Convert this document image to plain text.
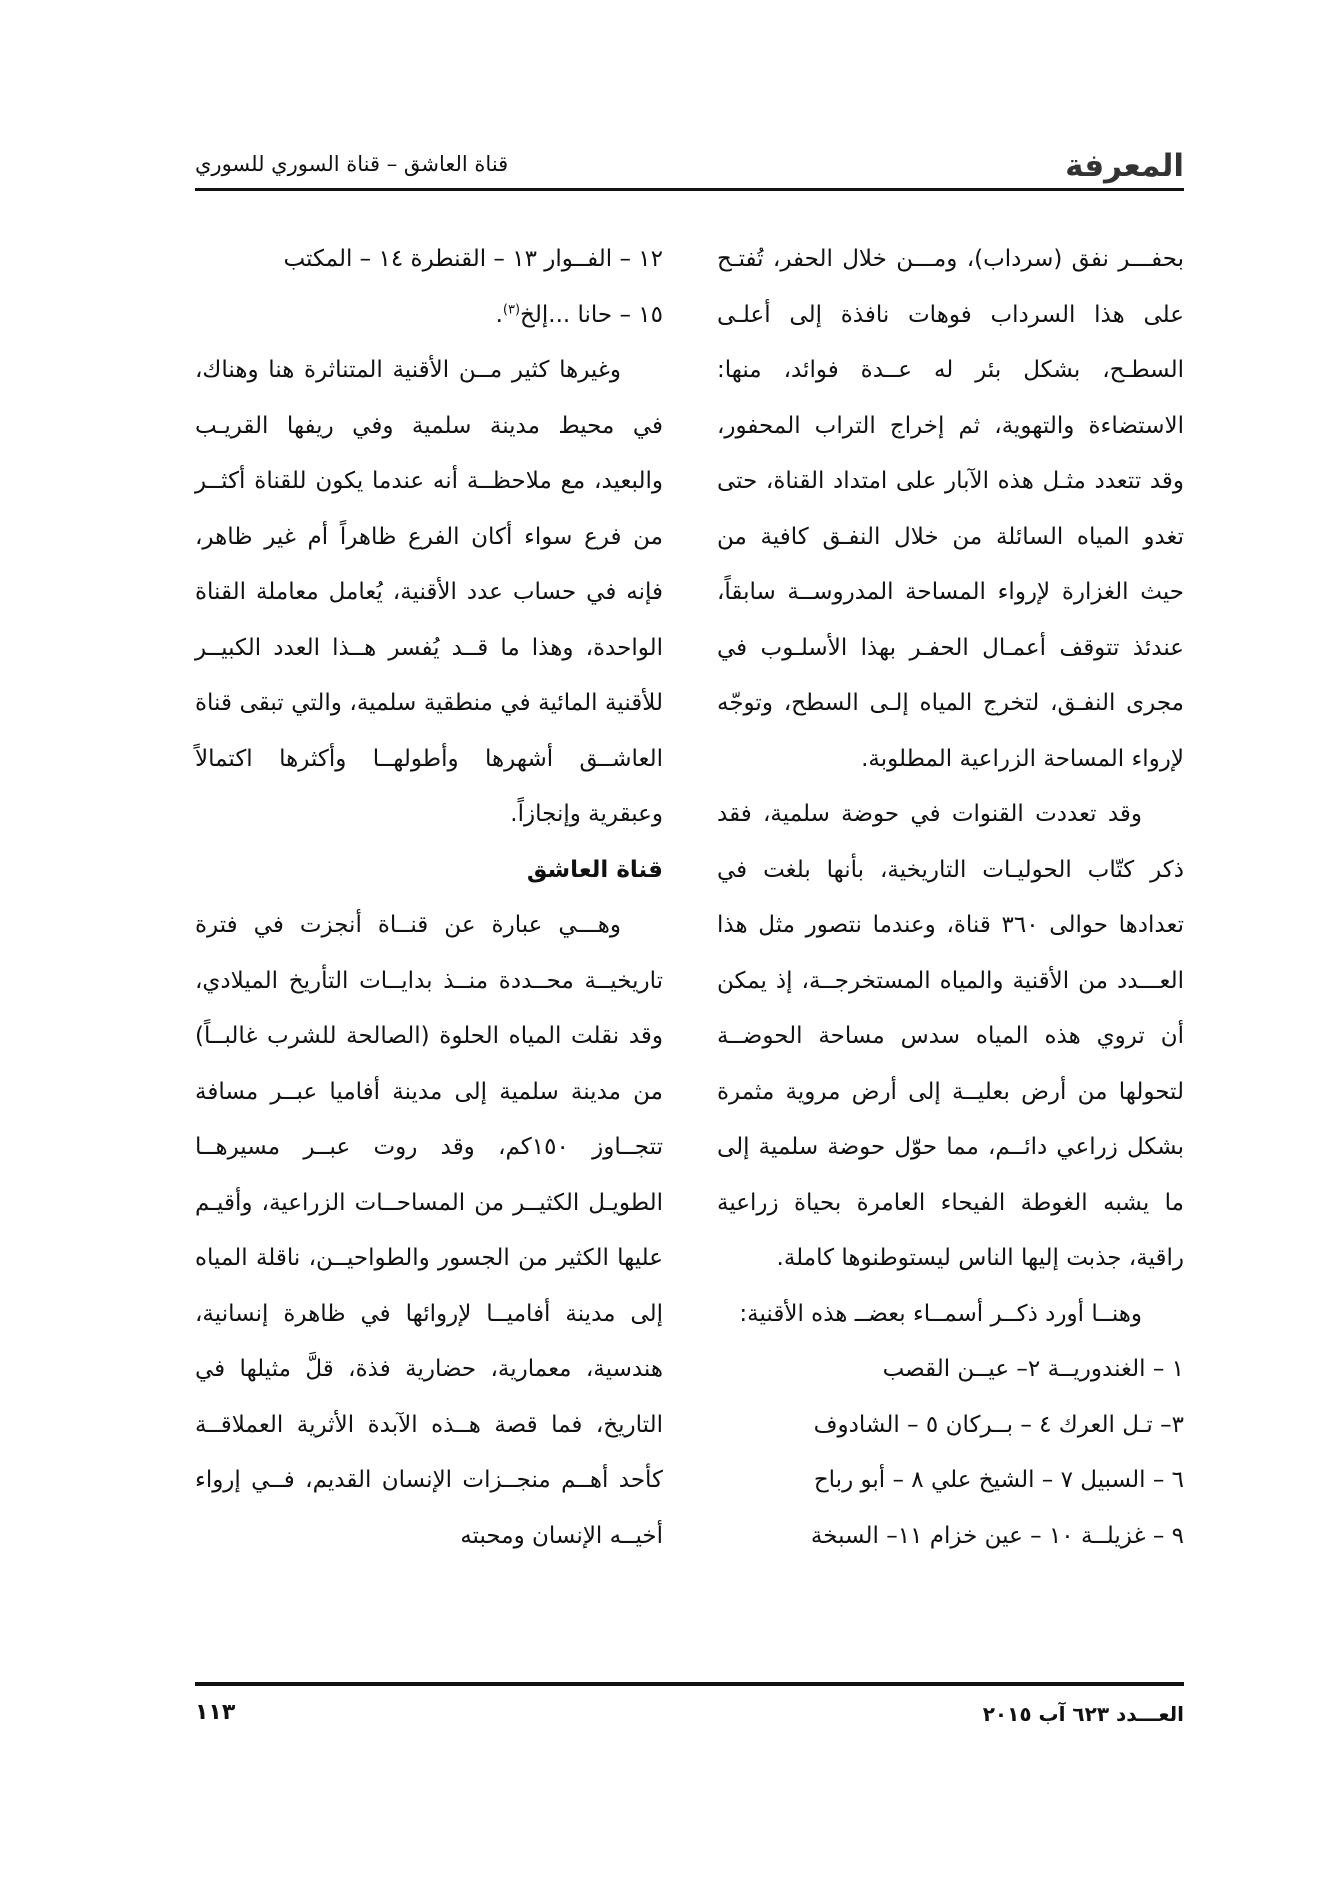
المعرفة
قناة العاشق – قناة السوري للسوري

بحفـــر نفق (سرداب)، ومـــن خلال الحفر، تُفتـح على هذا السرداب فوهات نافذة إلى أعلـى السطـح، بشكل بئر له عــدة فوائد، منها: الاستضاءة والتهوية، ثم إخراج التراب المحفور، وقد تتعدد مثـل هذه الآبار على امتداد القناة، حتى تغدو المياه السائلة من خلال النفـق كافية من حيث الغزارة لإرواء المساحة المدروســة سابقاً، عندئذ تتوقف أعمـال الحفـر بهذا الأسلـوب في مجرى النفـق، لتخرج المياه إلـى السطح، وتوجّه لإرواء المساحة الزراعية المطلوبة.

وقد تعددت القنوات في حوضة سلمية، فقد ذكر كتّاب الحوليـات التاريخية، بأنها بلغت في تعدادها حوالى ٣٦٠ قناة، وعندما نتصور مثل هذا العـــدد من الأقنية والمياه المستخرجــة، إذ يمكن أن تروي هذه المياه سدس مساحة الحوضــة لتحولها من أرض بعليــة إلى أرض مروية مثمرة بشكل زراعي دائــم، مما حوّل حوضة سلمية إلى ما يشبه الغوطة الفيحاء العامرة بحياة زراعية راقية، جذبت إليها الناس ليستوطنوها كاملة.

وهنــا أورد ذكــر أسمــاء بعضــ هذه الأقنية:

١ – الغندوريــة ٢– عيــن القصب

٣– تـل العرك ٤ – بــركان ٥ – الشادوف

٦ – السبيل ٧ – الشيخ علي ٨ – أبو رباح

٩ – غزيلــة ١٠ – عين خزام ١١– السبخة

١٢ – الفــوار ١٣ – القنطرة ١٤ – المكتب

١٥ – حانا ...إلخ$^{(٣)}$.

وغيرها كثير مــن الأقنية المتناثرة هنا وهناك، في محيط مدينة سلمية وفي ريفها القريـب والبعيد، مع ملاحظــة أنه عندما يكون للقناة أكثــر من فرع سواء أكان الفرع ظاهراً أم غير ظاهر، فإنه في حساب عدد الأقنية، يُعامل معاملة القناة الواحدة، وهذا ما قــد يُفسر هــذا العدد الكبيــر للأقنية المائية في منطقية سلمية، والتي تبقى قناة العاشــق أشهرها وأطولهــا وأكثرها اكتمالاً وعبقرية وإنجازاً.

قناة العاشق

وهـــي عبارة عن قنــاة أنجزت في فترة تاريخيــة محــددة منــذ بدايــات التأريخ الميلادي، وقد نقلت المياه الحلوة (الصالحة للشرب غالبــاً) من مدينة سلمية إلى مدينة أفاميا عبــر مسافة تتجــاوز ١٥٠كم، وقد روت عبــر مسيرهــا الطويـل الكثيــر من المساحــات الزراعية، وأقيـم عليها الكثير من الجسور والطواحيــن، ناقلة المياه إلى مدينة أفاميــا لإروائها في ظاهرة إنسانية، هندسية، معمارية، حضارية فذة، قلَّ مثيلها في التاريخ، فما قصة هــذه الآبدة الأثرية العملاقــة كأحد أهــم منجــزات الإنسان القديم، فــي إرواء أخيــه الإنسان ومحبته

العـــدد ٦٢٣ آب ٢٠١٥
١١٣
